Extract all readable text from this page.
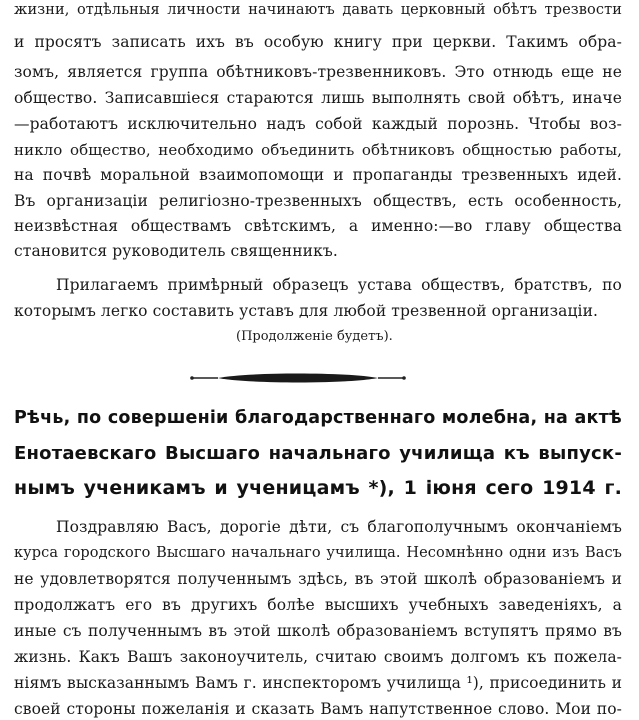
жизни, отдѣльныя личности начинаютъ давать церковный обѣтъ трезвости
и просятъ записать ихъ въ особую книгу при церкви. Такимъ обра-
зомъ, является группа обѣтниковъ-трезвенниковъ. Это отнюдь еще не
общество. Записавшіеся стараются лишь выполнять свой обѣтъ, иначе
—работаютъ исключительно надъ собой каждый порознь. Чтобы воз-
никло общество, необходимо объединить обѣтниковъ общностью работы,
на почвѣ моральной взаимопомощи и пропаганды трезвенныхъ идей.
Въ организаціи религіозно-трезвенныхъ обществъ, есть особенность,
неизвѣстная обществамъ свѣтскимъ, а именно:—во главу общества
становится руководитель священникъ.
Прилагаемъ примѣрный образецъ устава обществъ, братствъ, по
которымъ легко составить уставъ для любой трезвенной организаціи.
(Продолженіе будетъ).
Рѣчь, по совершеніи благодарственнаго молебна, на актѣ
Енотаевскаго Высшаго начальнаго училища къ выпуск-
нымъ ученикамъ и ученицамъ *), 1 іюня сего 1914 г.
Поздравляю Васъ, дорогіе дѣти, съ благополучнымъ окончаніемъ
курса городского Высшаго начальнаго училища. Несомнѣнно одни изъ Васъ
не удовлетворятся полученнымъ здѣсь, въ этой школѣ образованіемъ и
продолжатъ его въ другихъ болѣе высшихъ учебныхъ заведеніяхъ, а
иные съ полученнымъ въ этой школѣ образованіемъ вступятъ прямо въ
жизнь. Какъ Вашъ законоучитель, считаю своимъ долгомъ къ пожела-
ніямъ высказаннымъ Вамъ г. инспекторомъ училища ¹), присоединить и
своей стороны пожеланія и сказать Вамъ напутственное слово. Мои по-
